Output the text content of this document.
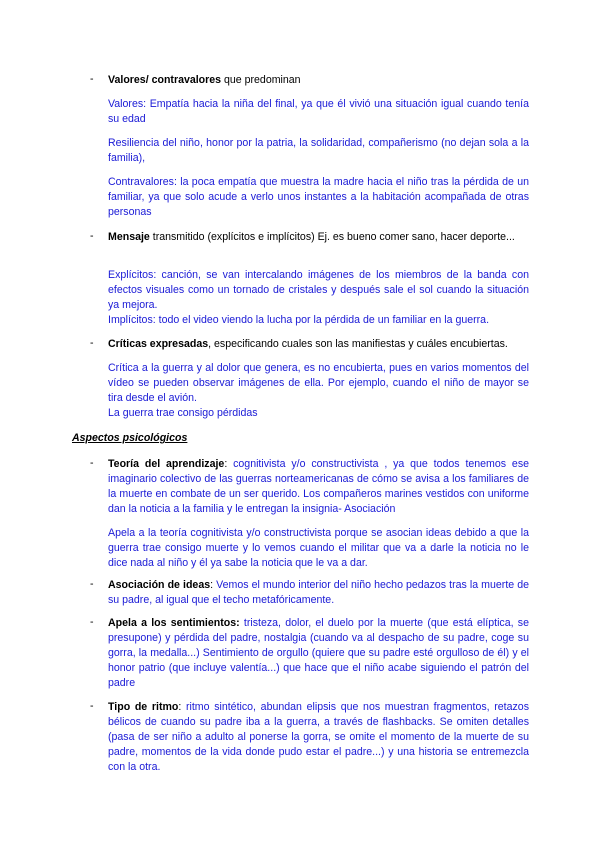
- Valores/ contravalores que predominan
Valores: Empatía hacia la niña del final, ya que él vivió una situación igual cuando tenía su edad
Resiliencia del niño, honor por la patria, la solidaridad, compañerismo (no dejan sola a la familia),
Contravalores: la poca empatía que muestra la madre hacia el niño tras la pérdida de un familiar, ya que solo acude a verlo unos instantes a la habitación acompañada de otras personas
- Mensaje transmitido (explícitos e implícitos) Ej. es bueno comer sano, hacer deporte...
Explícitos: canción, se van intercalando imágenes de los miembros de la banda con efectos visuales como un tornado de cristales y después sale el sol cuando la situación ya mejora.
Implícitos: todo el video viendo la lucha por la pérdida de un familiar en la guerra.
- Críticas expresadas, especificando cuales son las manifiestas y cuáles encubiertas.
Crítica a la guerra y al dolor que genera, es no encubierta, pues en varios momentos del vídeo se pueden observar imágenes de ella. Por ejemplo, cuando el niño de mayor se tira desde el avión.
La guerra trae consigo pérdidas
Aspectos psicológicos
- Teoría del aprendizaje: cognitivista y/o constructivista , ya que todos tenemos ese imaginario colectivo de las guerras norteamericanas de cómo se avisa a los familiares de la muerte en combate de un ser querido. Los compañeros marines vestidos con uniforme dan la noticia a la familia y le entregan la insignia- Asociación
Apela a la teoría cognitivista y/o constructivista porque se asocian ideas debido a que la guerra trae consigo muerte y lo vemos cuando el militar que va a darle la noticia no le dice nada al niño y él ya sabe la noticia que le va a dar.
- Asociación de ideas: Vemos el mundo interior del niño hecho pedazos tras la muerte de su padre, al igual que el techo metafóricamente.
- Apela a los sentimientos: tristeza, dolor, el duelo por la muerte (que está elíptica, se presupone) y pérdida del padre, nostalgia (cuando va al despacho de su padre, coge su gorra, la medalla...) Sentimiento de orgullo (quiere que su padre esté orgulloso de él) y el honor patrio (que incluye valentía...) que hace que el niño acabe siguiendo el patrón del padre
- Tipo de ritmo: ritmo sintético, abundan elipsis que nos muestran fragmentos, retazos bélicos de cuando su padre iba a la guerra, a través de flashbacks. Se omiten detalles (pasa de ser niño a adulto al ponerse la gorra, se omite el momento de la muerte de su padre, momentos de la vida donde pudo estar el padre...) y una historia se entremezcla con la otra.
